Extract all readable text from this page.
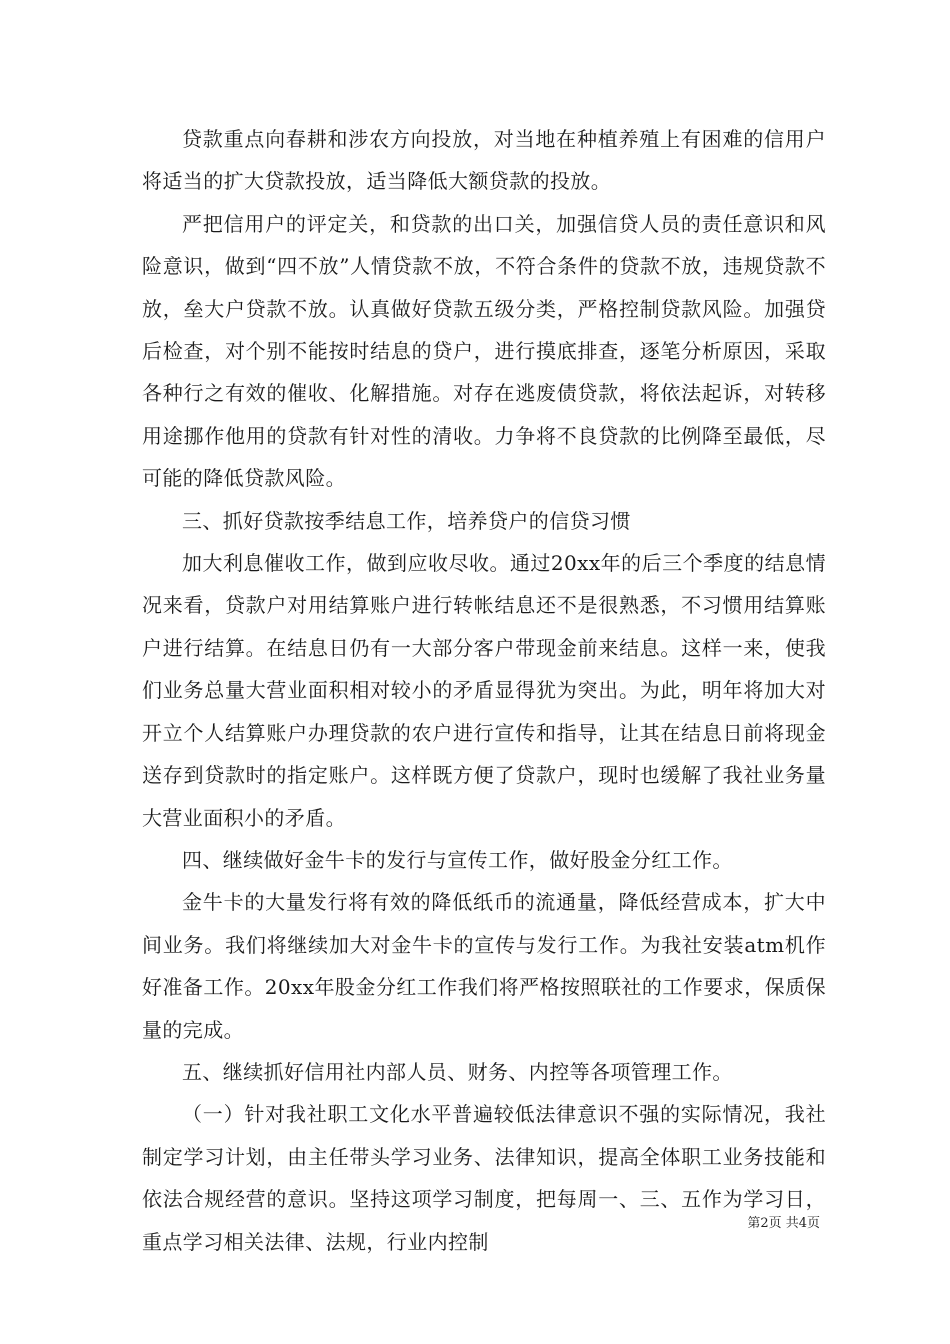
贷款重点向春耕和涉农方向投放，对当地在种植养殖上有困难的信用户将适当的扩大贷款投放，适当降低大额贷款的投放。

严把信用户的评定关，和贷款的出口关，加强信贷人员的责任意识和风险意识，做到“四不放”人情贷款不放，不符合条件的贷款不放，违规贷款不放，垒大户贷款不放。认真做好贷款五级分类，严格控制贷款风险。加强贷后检查，对个别不能按时结息的贷户，进行摸底排查，逐笔分析原因，采取各种行之有效的催收、化解措施。对存在逃废债贷款，将依法起诉，对转移用途挪作他用的贷款有针对性的清收。力争将不良贷款的比例降至最低，尽可能的降低贷款风险。

三、抓好贷款按季结息工作，培养贷户的信贷习惯

加大利息催收工作，做到应收尽收。通过20xx年的后三个季度的结息情况来看，贷款户对用结算账户进行转帐结息还不是很熟悉，不习惯用结算账户进行结算。在结息日仍有一大部分客户带现金前来结息。这样一来，使我们业务总量大营业面积相对较小的矛盾显得犹为突出。为此，明年将加大对开立个人结算账户办理贷款的农户进行宣传和指导，让其在结息日前将现金送存到贷款时的指定账户。这样既方便了贷款户，现时也缓解了我社业务量大营业面积小的矛盾。

四、继续做好金牛卡的发行与宣传工作，做好股金分红工作。

金牛卡的大量发行将有效的降低纸币的流通量，降低经营成本，扩大中间业务。我们将继续加大对金牛卡的宣传与发行工作。为我社安装atm机作好准备工作。20xx年股金分红工作我们将严格按照联社的工作要求，保质保量的完成。

五、继续抓好信用社内部人员、财务、内控等各项管理工作。

（一）针对我社职工文化水平普遍较低法律意识不强的实际情况，我社制定学习计划，由主任带头学习业务、法律知识，提高全体职工业务技能和依法合规经营的意识。坚持这项学习制度，把每周一、三、五作为学习日，重点学习相关法律、法规，行业内控制

第2页 共4页
